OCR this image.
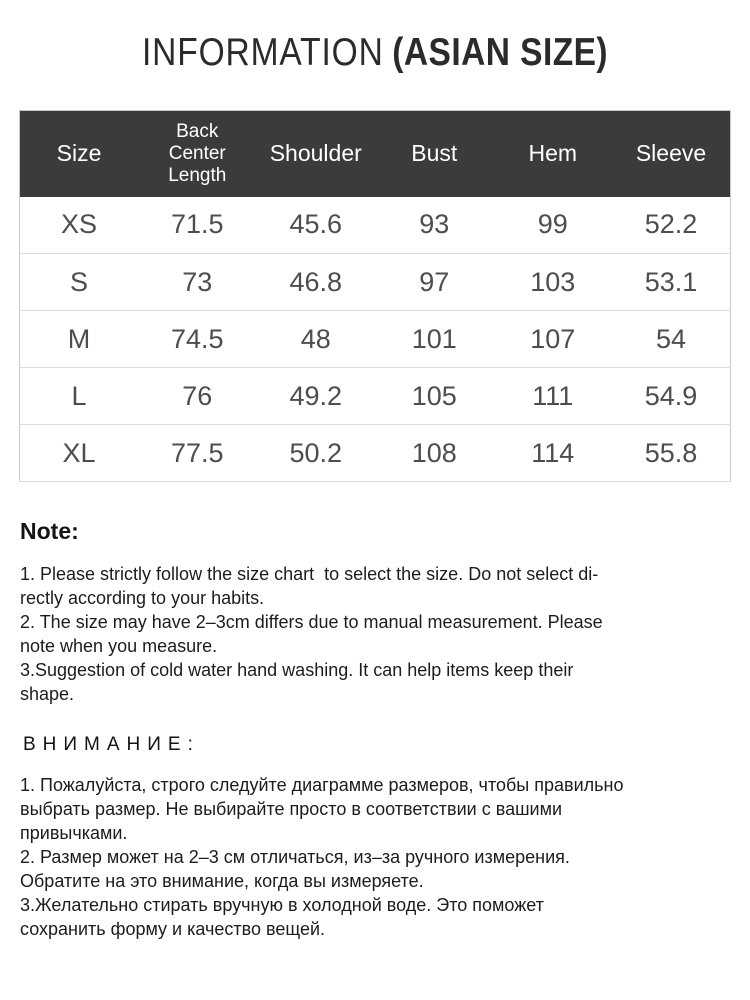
INFORMATION (ASIAN SIZE)
Size	Back Center Length	Shoulder	Bust	Hem	Sleeve
XS	71.5	45.6	93	99	52.2
S	73	46.8	97	103	53.1
M	74.5	48	101	107	54
L	76	49.2	105	111	54.9
XL	77.5	50.2	108	114	55.8
Note:
1. Please strictly follow the size chart  to select the size. Do not select di-
rectly according to your habits.
2. The size may have 2–3cm differs due to manual measurement. Please
note when you measure.
3.Suggestion of cold water hand washing. It can help items keep their
shape.
ВНИМАНИЕ:
1. Пожалуйста, строго следуйте диаграмме размеров, чтобы правильно
выбрать размер. Не выбирайте просто в соответствии с вашими
привычками.
2. Размер может на 2–3 см отличаться, из–за ручного измерения.
Обратите на это внимание, когда вы измеряете.
3.Желательно стирать вручную в холодной воде. Это поможет
сохранить форму и качество вещей.
